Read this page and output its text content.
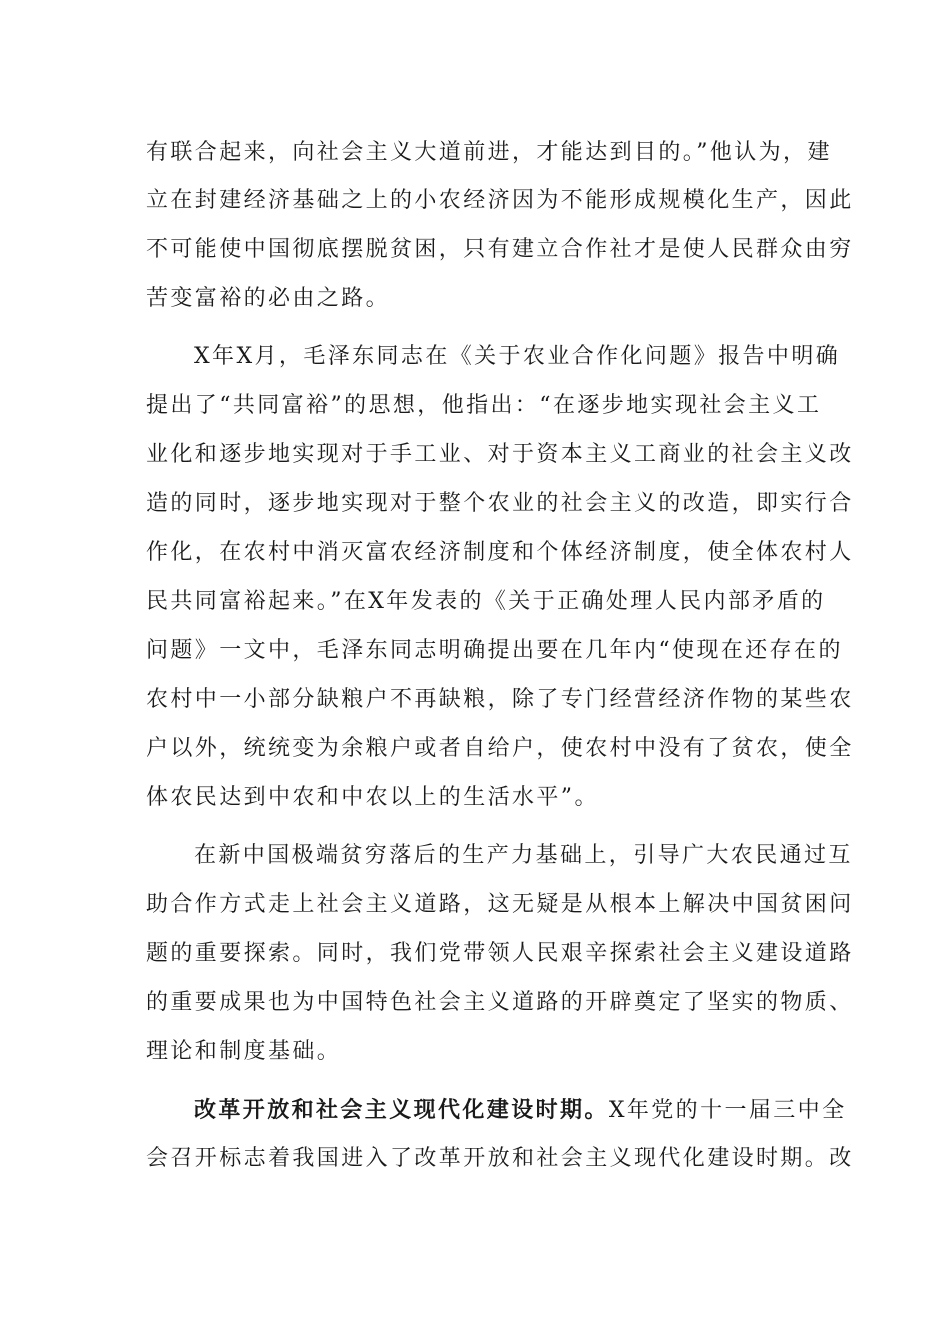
有联合起来，向社会主义大道前进，才能达到目的。”他认为，建
立在封建经济基础之上的小农经济因为不能形成规模化生产，因此
不可能使中国彻底摆脱贫困，只有建立合作社才是使人民群众由穷
苦变富裕的必由之路。
X年X月，毛泽东同志在《关于农业合作化问题》报告中明确
提出了“共同富裕”的思想，他指出：“在逐步地实现社会主义工
业化和逐步地实现对于手工业、对于资本主义工商业的社会主义改
造的同时，逐步地实现对于整个农业的社会主义的改造，即实行合
作化，在农村中消灭富农经济制度和个体经济制度，使全体农村人
民共同富裕起来。”在X年发表的《关于正确处理人民内部矛盾的
问题》一文中，毛泽东同志明确提出要在几年内“使现在还存在的
农村中一小部分缺粮户不再缺粮，除了专门经营经济作物的某些农
户以外，统统变为余粮户或者自给户，使农村中没有了贫农，使全
体农民达到中农和中农以上的生活水平”。
在新中国极端贫穷落后的生产力基础上，引导广大农民通过互
助合作方式走上社会主义道路，这无疑是从根本上解决中国贫困问
题的重要探索。同时，我们党带领人民艰辛探索社会主义建设道路
的重要成果也为中国特色社会主义道路的开辟奠定了坚实的物质、
理论和制度基础。
改革开放和社会主义现代化建设时期。X年党的十一届三中全
会召开标志着我国进入了改革开放和社会主义现代化建设时期。改
